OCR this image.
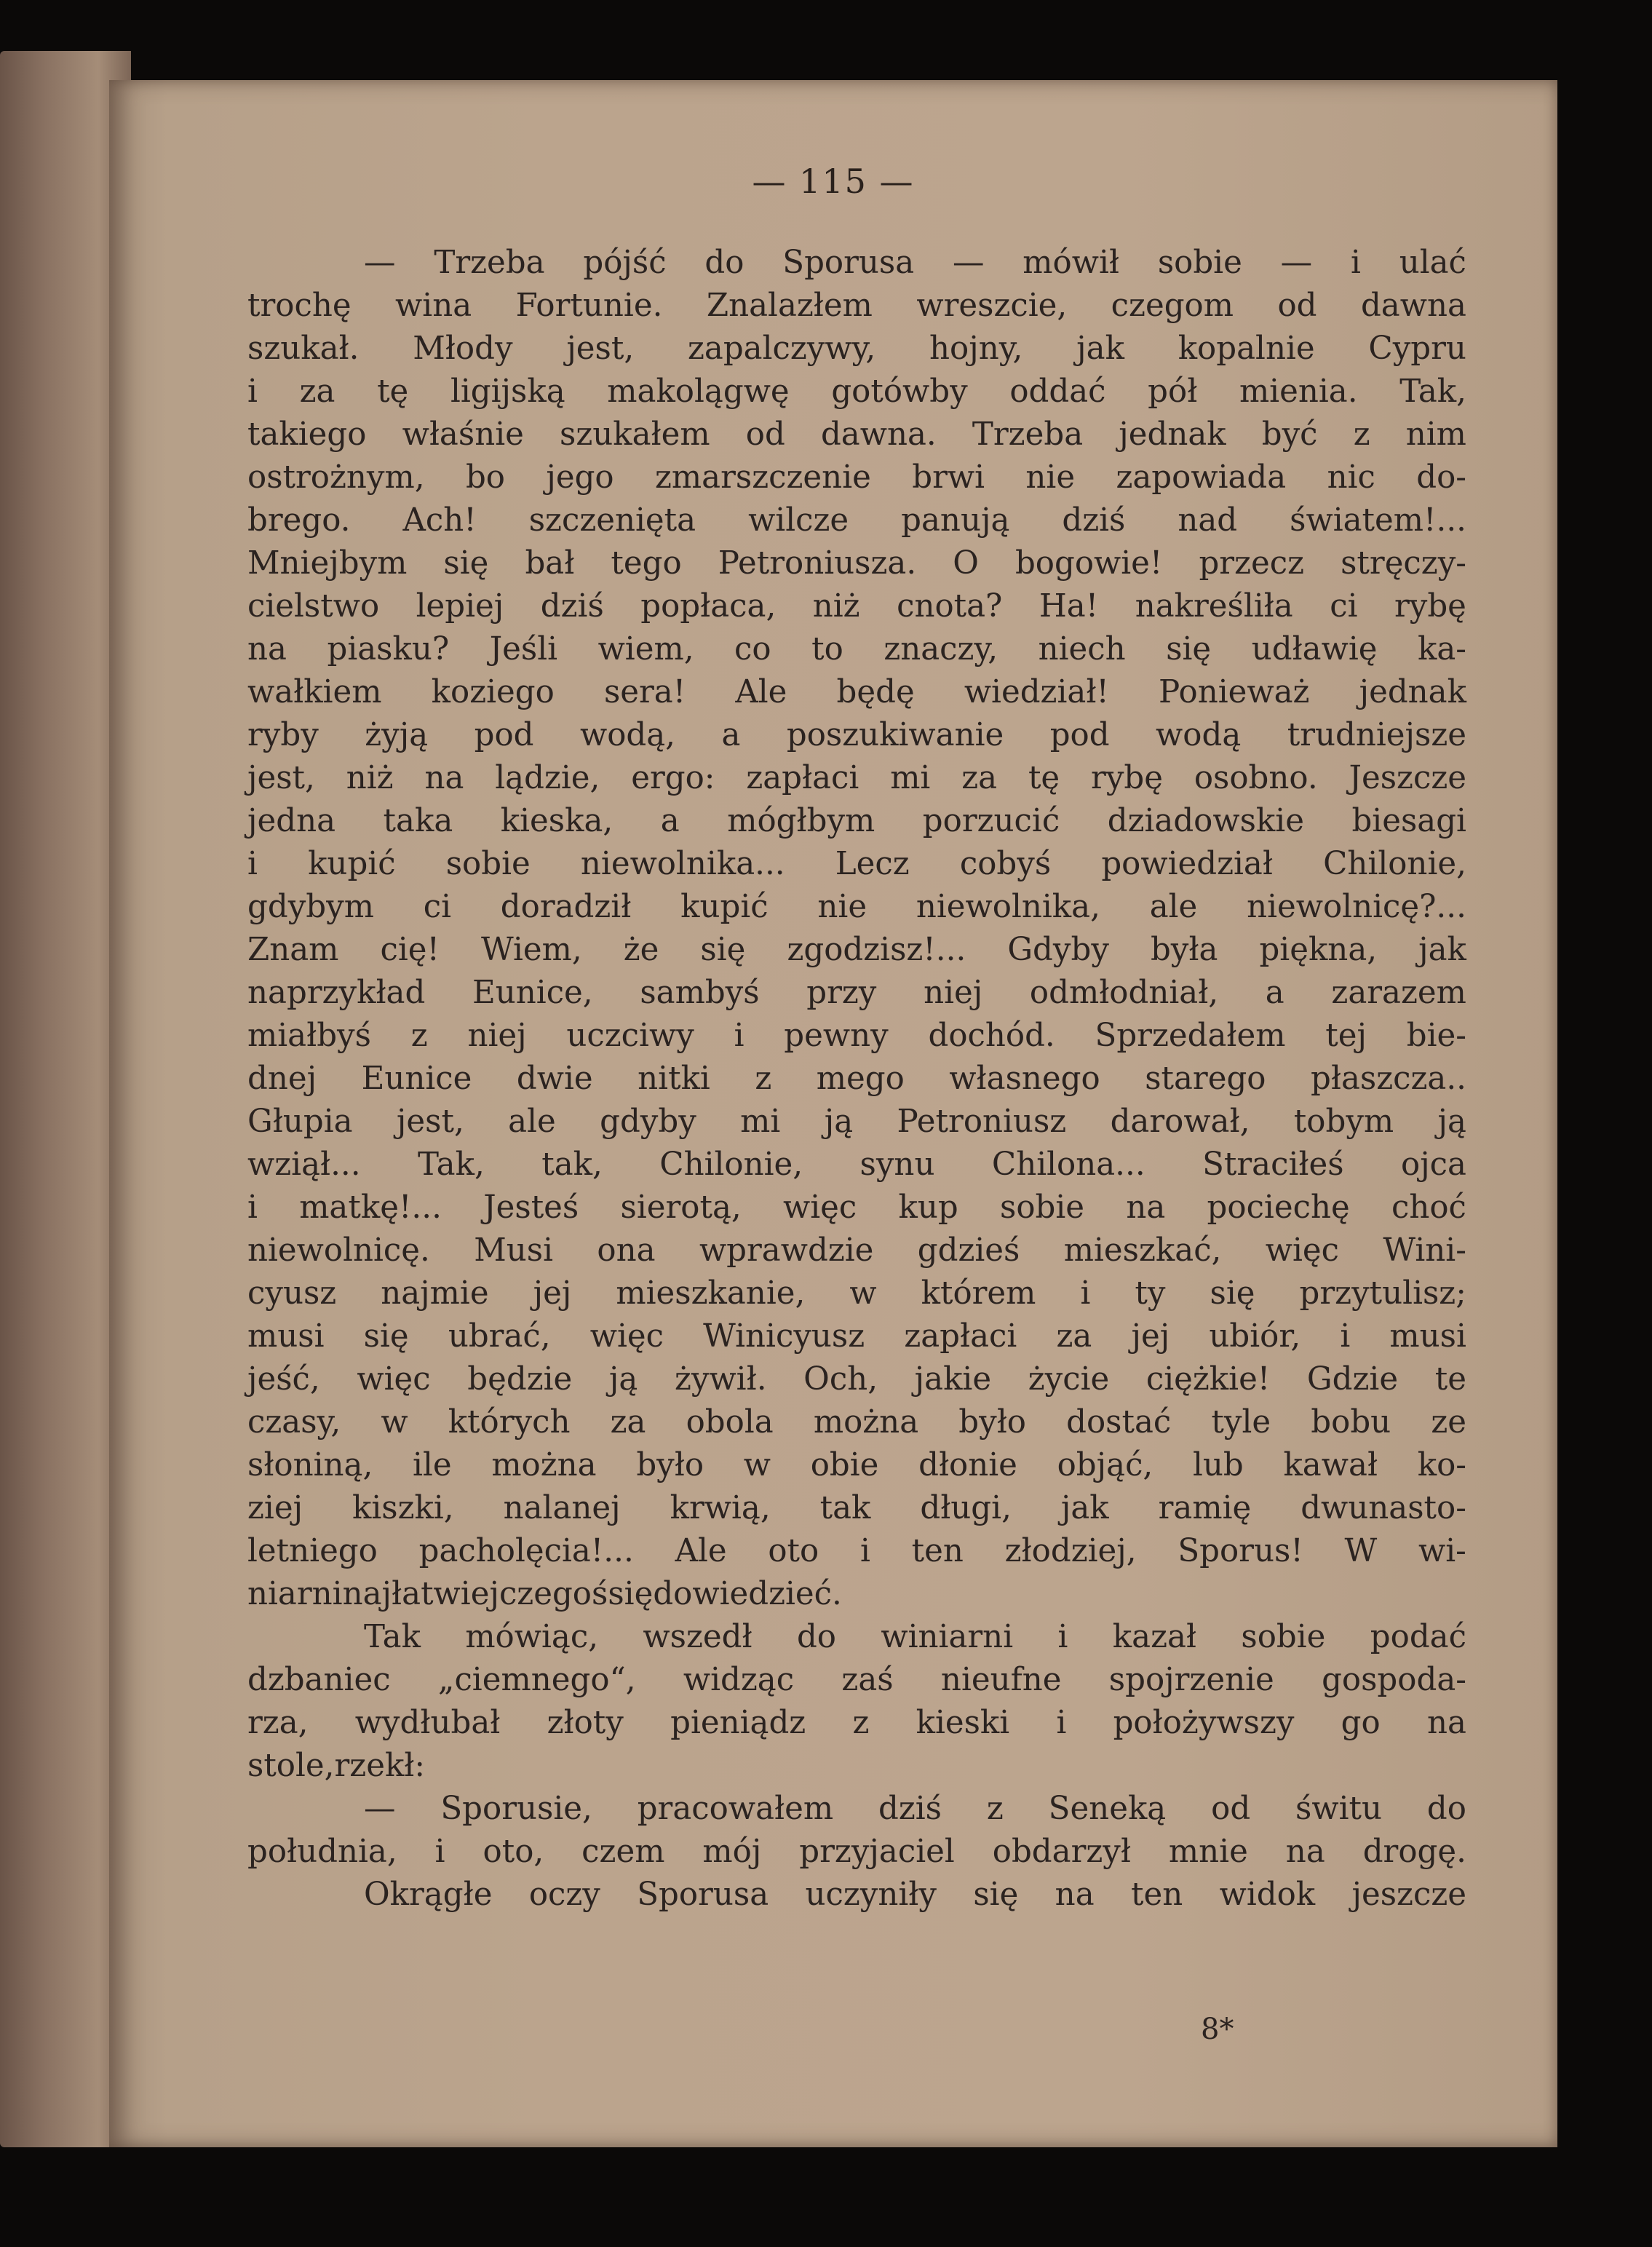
— 115 —
— Trzeba pójść do Sporusa — mówił sobie — i ulać
trochę wina Fortunie. Znalazłem wreszcie, czegom od dawna
szukał. Młody jest, zapalczywy, hojny, jak kopalnie Cypru
i za tę ligijską makolągwę gotówby oddać pół mienia. Tak,
takiego właśnie szukałem od dawna. Trzeba jednak być z nim
ostrożnym, bo jego zmarszczenie brwi nie zapowiada nic do-
brego. Ach! szczenięta wilcze panują dziś nad światem!...
Mniejbym się bał tego Petroniusza. O bogowie! przecz stręczy-
cielstwo lepiej dziś popłaca, niż cnota? Ha! nakreśliła ci rybę
na piasku? Jeśli wiem, co to znaczy, niech się udławię ka-
wałkiem koziego sera! Ale będę wiedział! Ponieważ jednak
ryby żyją pod wodą, a poszukiwanie pod wodą trudniejsze
jest, niż na lądzie, ergo: zapłaci mi za tę rybę osobno. Jeszcze
jedna taka kieska, a mógłbym porzucić dziadowskie biesagi
i kupić sobie niewolnika... Lecz cobyś powiedział Chilonie,
gdybym ci doradził kupić nie niewolnika, ale niewolnicę?...
Znam cię! Wiem, że się zgodzisz!... Gdyby była piękna, jak
naprzykład Eunice, sambyś przy niej odmłodniał, a zarazem
miałbyś z niej uczciwy i pewny dochód. Sprzedałem tej bie-
dnej Eunice dwie nitki z mego własnego starego płaszcza..
Głupia jest, ale gdyby mi ją Petroniusz darował, tobym ją
wziął... Tak, tak, Chilonie, synu Chilona... Straciłeś ojca
i matkę!... Jesteś sierotą, więc kup sobie na pociechę choć
niewolnicę. Musi ona wprawdzie gdzieś mieszkać, więc Wini-
cyusz najmie jej mieszkanie, w którem i ty się przytulisz;
musi się ubrać, więc Winicyusz zapłaci za jej ubiór, i musi
jeść, więc będzie ją żywił. Och, jakie życie ciężkie! Gdzie te
czasy, w których za obola można było dostać tyle bobu ze
słoniną, ile można było w obie dłonie objąć, lub kawał ko-
ziej kiszki, nalanej krwią, tak długi, jak ramię dwunasto-
letniego pacholęcia!... Ale oto i ten złodziej, Sporus! W wi-
niarni najłatwiej czegoś się dowiedzieć.
Tak mówiąc, wszedł do winiarni i kazał sobie podać
dzbaniec „ciemnego“, widząc zaś nieufne spojrzenie gospoda-
rza, wydłubał złoty pieniądz z kieski i położywszy go na
stole, rzekł:
— Sporusie, pracowałem dziś z Seneką od świtu do
południa, i oto, czem mój przyjaciel obdarzył mnie na drogę.
Okrągłe oczy Sporusa uczyniły się na ten widok jeszcze
8*
